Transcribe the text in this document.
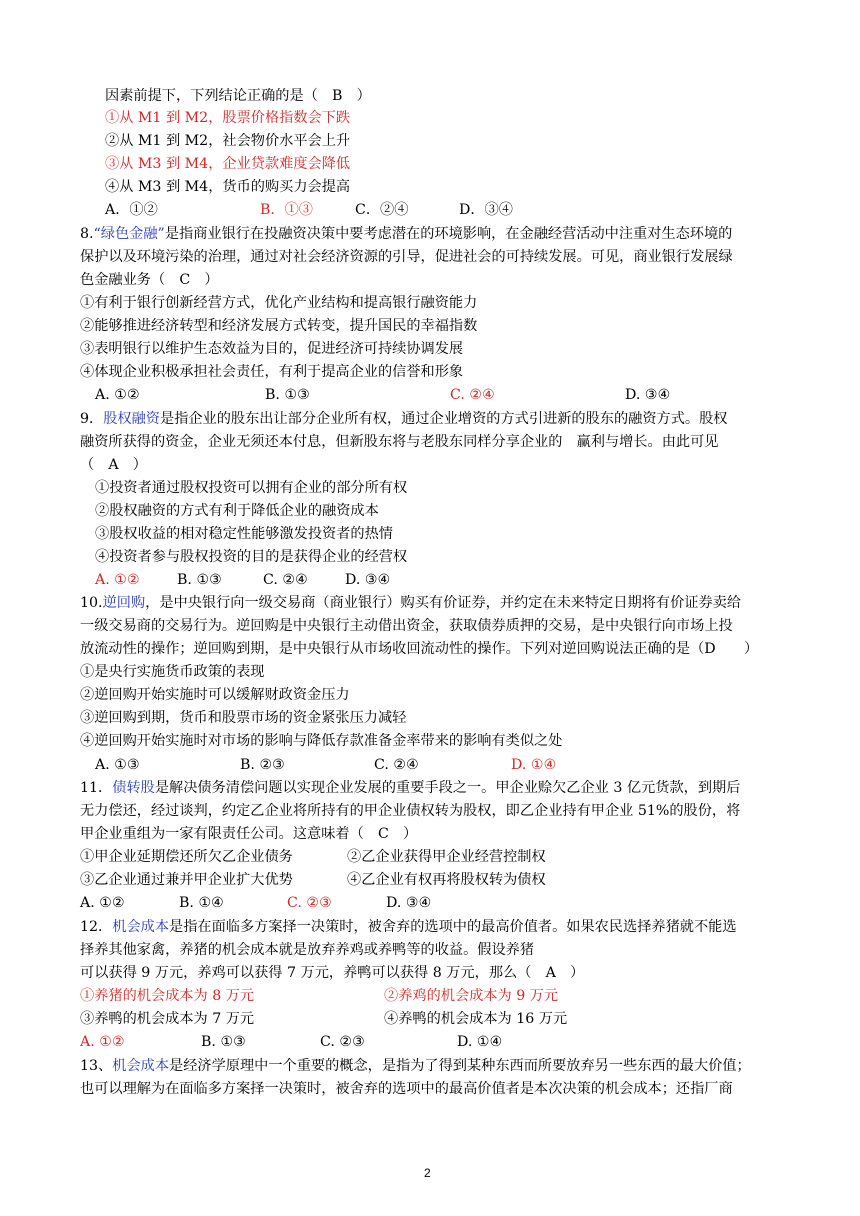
因素前提下，下列结论正确的是（　B　）
①从 M1 到 M2，股票价格指数会下跌
②从 M1 到 M2，社会物价水平会上升
③从 M3 到 M4，企业贷款难度会降低
④从 M3 到 M4，货币的购买力会提高
A．①②	B．①③	C．②④	D．③④
8.“绿色金融”是指商业银行在投融资决策中要考虑潜在的环境影响，在金融经营活动中注重对生态环境的
保护以及环境污染的治理，通过对社会经济资源的引导，促进社会的可持续发展。可见，商业银行发展绿
色金融业务（　C　）
①有利于银行创新经营方式，优化产业结构和提高银行融资能力
②能够推进经济转型和经济发展方式转变，提升国民的幸福指数
③表明银行以维护生态效益为目的，促进经济可持续协调发展
④体现企业积极承担社会责任，有利于提高企业的信誉和形象
A. ①②	B. ①③	C. ②④	D. ③④
9．股权融资是指企业的股东出让部分企业所有权，通过企业增资的方式引进新的股东的融资方式。股权
融资所获得的资金，企业无须还本付息，但新股东将与老股东同样分享企业的　赢利与增长。由此可见
（　A　）
①投资者通过股权投资可以拥有企业的部分所有权
②股权融资的方式有利于降低企业的融资成本
③股权收益的相对稳定性能够激发投资者的热情
④投资者参与股权投资的目的是获得企业的经营权
A. ①②	B. ①③	C. ②④	D. ③④
10.逆回购，是中央银行向一级交易商（商业银行）购买有价证券，并约定在未来特定日期将有价证券卖给
一级交易商的交易行为。逆回购是中央银行主动借出资金，获取债券质押的交易，是中央银行向市场上投
放流动性的操作；逆回购到期，是中央银行从市场收回流动性的操作。下列对逆回购说法正确的是（D　　）
①是央行实施货币政策的表现
②逆回购开始实施时可以缓解财政资金压力
③逆回购到期，货币和股票市场的资金紧张压力减轻
④逆回购开始实施时对市场的影响与降低存款准备金率带来的影响有类似之处
A. ①③	B. ②③	C. ②④	D. ①④
11．债转股是解决债务清偿问题以实现企业发展的重要手段之一。甲企业赊欠乙企业 3 亿元货款，到期后
无力偿还，经过谈判，约定乙企业将所持有的甲企业债权转为股权，即乙企业持有甲企业 51%的股份，将
甲企业重组为一家有限责任公司。这意味着（　C　）
①甲企业延期偿还所欠乙企业债务	②乙企业获得甲企业经营控制权
③乙企业通过兼并甲企业扩大优势	④乙企业有权再将股权转为债权
A. ①②	B. ①④	C. ②③	D. ③④
12．机会成本是指在面临多方案择一决策时，被舍弃的选项中的最高价值者。如果农民选择养猪就不能选
择养其他家禽，养猪的机会成本就是放弃养鸡或养鸭等的收益。假设养猪
可以获得 9 万元，养鸡可以获得 7 万元，养鸭可以获得 8 万元，那么（　A　）
①养猪的机会成本为 8 万元	②养鸡的机会成本为 9 万元
③养鸭的机会成本为 7 万元	④养鸭的机会成本为 16 万元
A. ①②	B. ①③	C. ②③	D. ①④
13、机会成本是经济学原理中一个重要的概念，是指为了得到某种东西而所要放弃另一些东西的最大价值；
也可以理解为在面临多方案择一决策时，被舍弃的选项中的最高价值者是本次决策的机会成本；还指厂商
2
